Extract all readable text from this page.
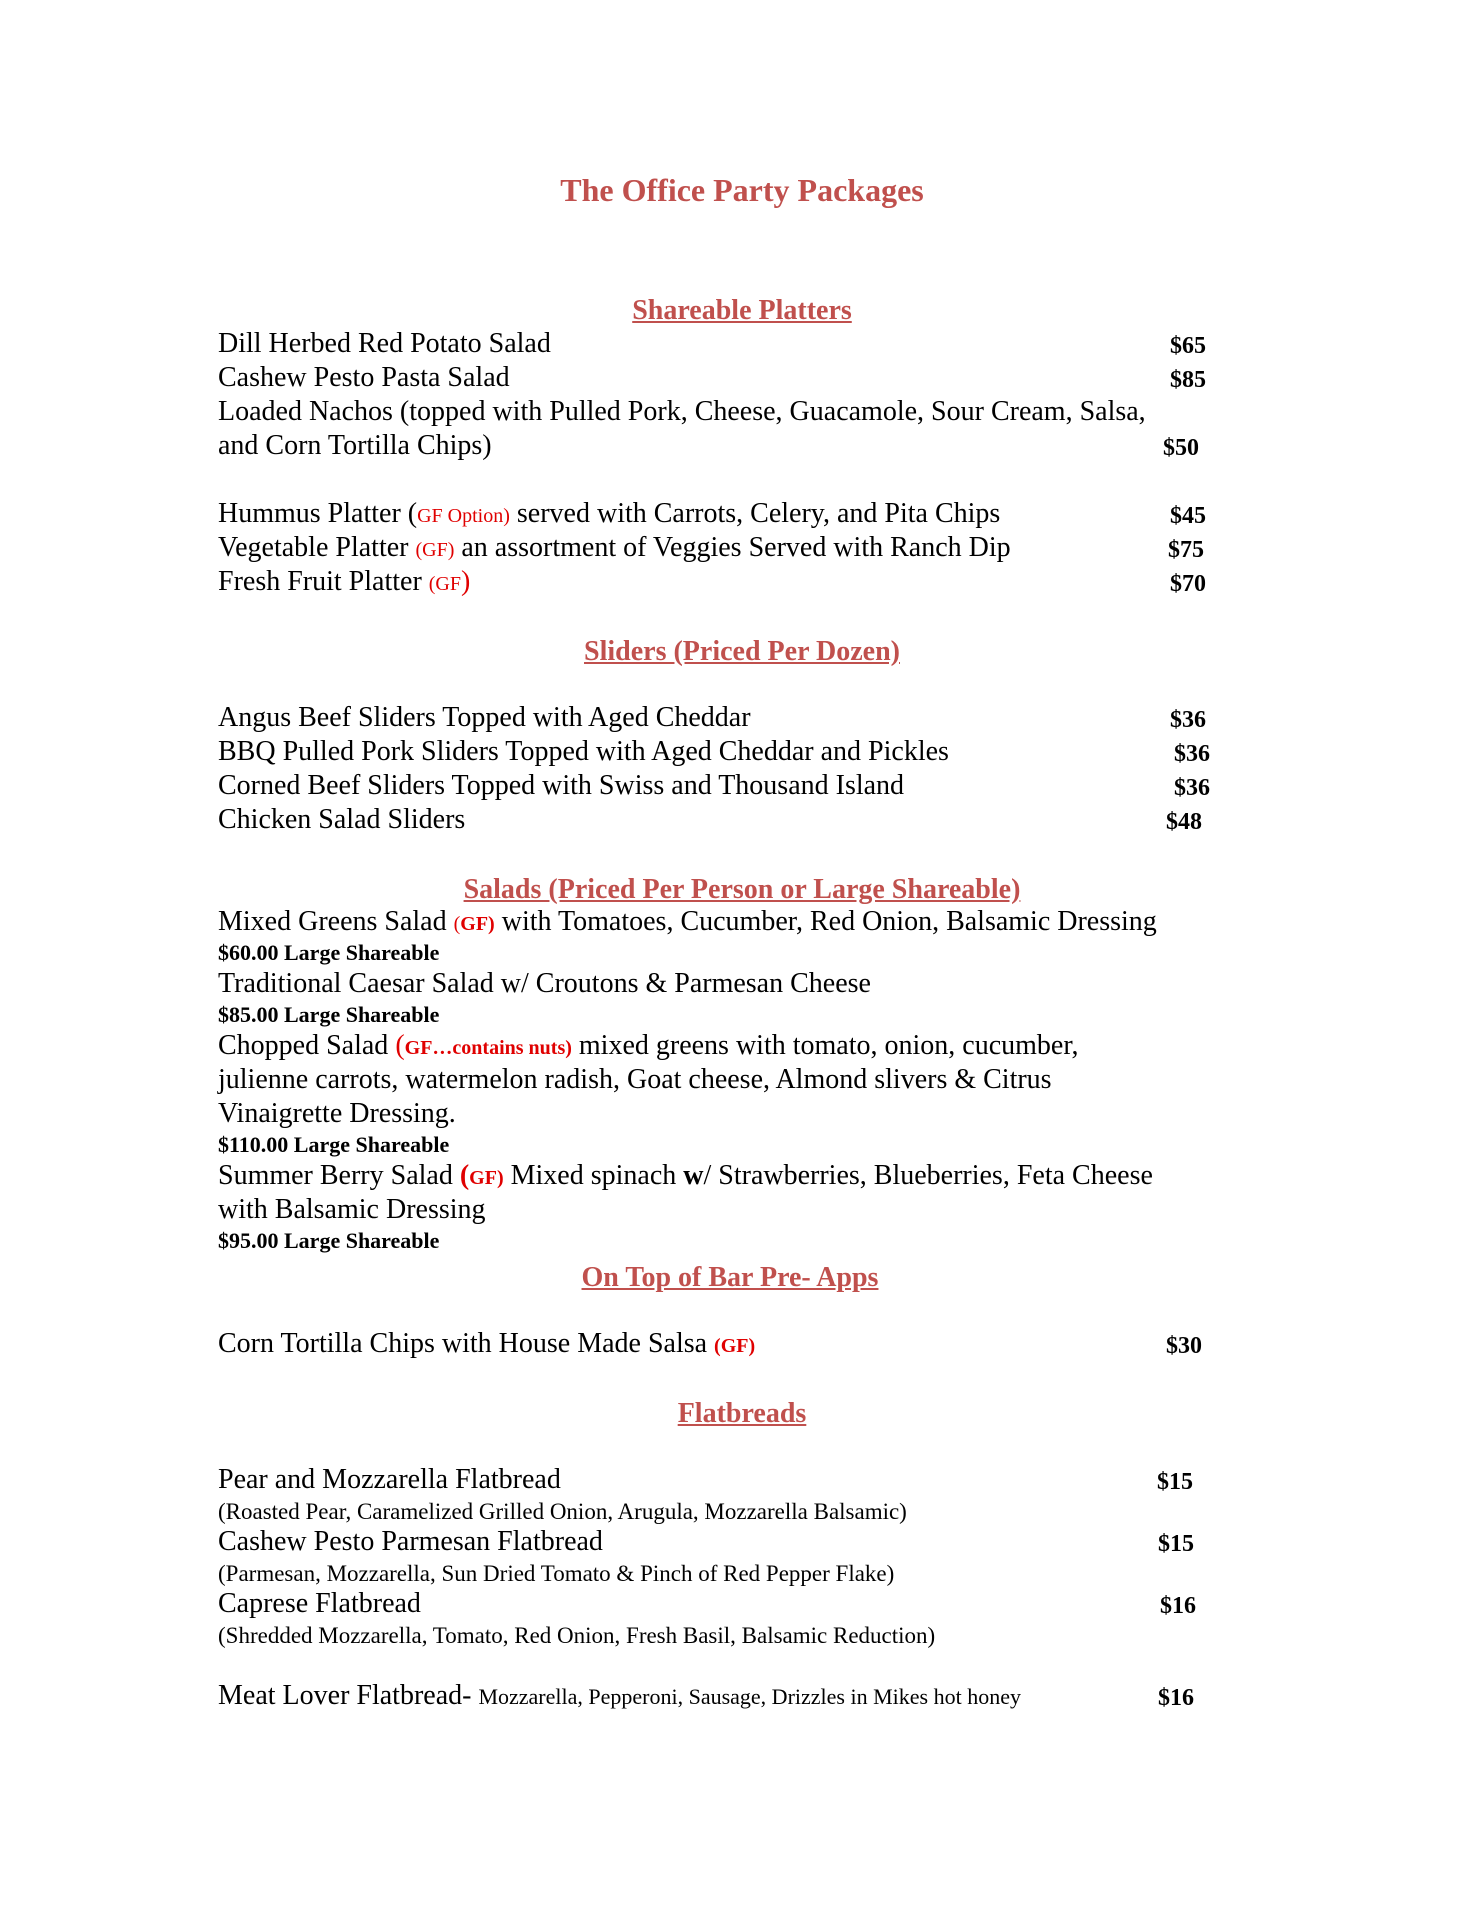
The Office Party Packages
Shareable Platters
Dill Herbed Red Potato Salad	$65
Cashew Pesto Pasta Salad	$85
Loaded Nachos (topped with Pulled Pork, Cheese, Guacamole, Sour Cream, Salsa,
and Corn Tortilla Chips)	$50
Hummus Platter (GF Option) served with Carrots, Celery, and Pita Chips	$45
Vegetable Platter (GF) an assortment of Veggies Served with Ranch Dip	$75
Fresh Fruit Platter (GF)	$70
Sliders (Priced Per Dozen)
Angus Beef Sliders Topped with Aged Cheddar	$36
BBQ Pulled Pork Sliders Topped with Aged Cheddar and Pickles	$36
Corned Beef Sliders Topped with Swiss and Thousand Island	$36
Chicken Salad Sliders	$48
Salads (Priced Per Person or Large Shareable)
Mixed Greens Salad (GF) with Tomatoes, Cucumber, Red Onion, Balsamic Dressing
$60.00 Large Shareable
Traditional Caesar Salad w/ Croutons & Parmesan Cheese
$85.00 Large Shareable
Chopped Salad (GF…contains nuts) mixed greens with tomato, onion, cucumber,
julienne carrots, watermelon radish, Goat cheese, Almond slivers & Citrus
Vinaigrette Dressing.
$110.00 Large Shareable
Summer Berry Salad (GF) Mixed spinach w/ Strawberries, Blueberries, Feta Cheese
with Balsamic Dressing
$95.00 Large Shareable
On Top of Bar Pre- Apps
Corn Tortilla Chips with House Made Salsa (GF)	$30
Flatbreads
Pear and Mozzarella Flatbread	$15
(Roasted Pear, Caramelized Grilled Onion, Arugula, Mozzarella Balsamic)
Cashew Pesto Parmesan Flatbread	$15
(Parmesan, Mozzarella, Sun Dried Tomato & Pinch of Red Pepper Flake)
Caprese Flatbread	$16
(Shredded Mozzarella, Tomato, Red Onion, Fresh Basil, Balsamic Reduction)
Meat Lover Flatbread- Mozzarella, Pepperoni, Sausage, Drizzles in Mikes hot honey	$16
